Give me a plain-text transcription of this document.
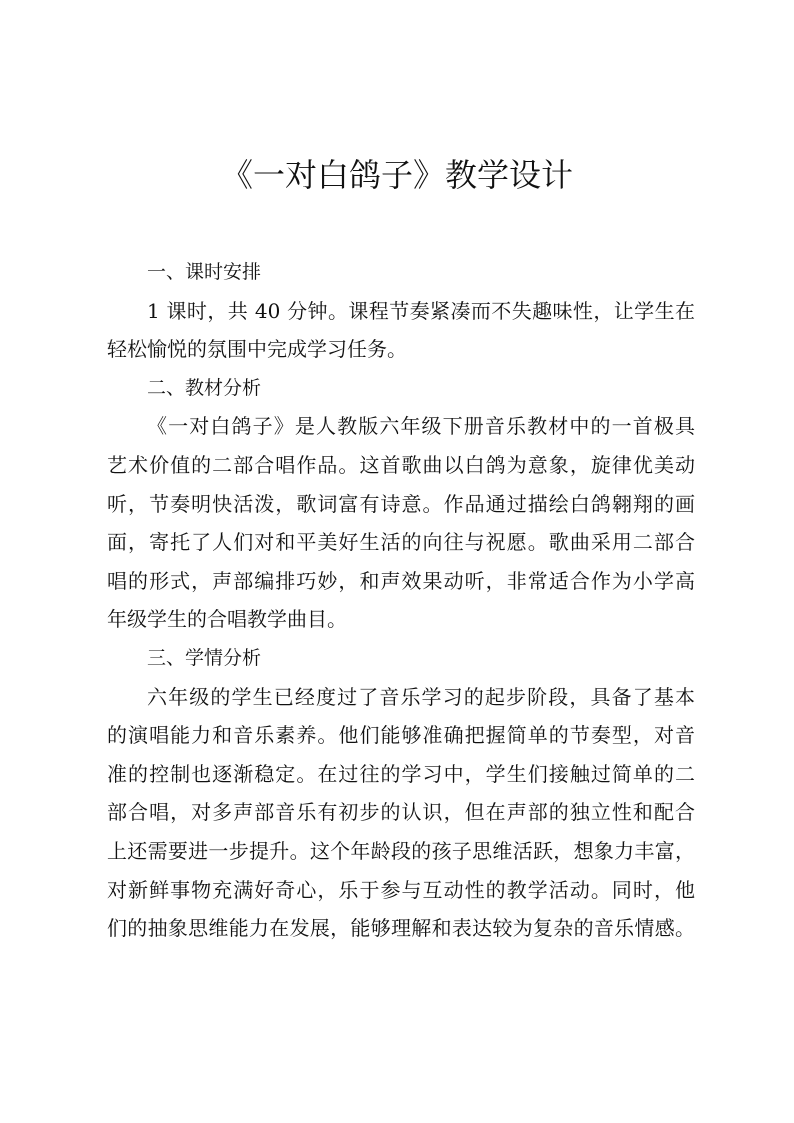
《一对白鸽子》教学设计
一、课时安排
1 课时，共 40 分钟。课程节奏紧凑而不失趣味性，让学生在
轻松愉悦的氛围中完成学习任务。
二、教材分析
《一对白鸽子》是人教版六年级下册音乐教材中的一首极具
艺术价值的二部合唱作品。这首歌曲以白鸽为意象，旋律优美动
听，节奏明快活泼，歌词富有诗意。作品通过描绘白鸽翱翔的画
面，寄托了人们对和平美好生活的向往与祝愿。歌曲采用二部合
唱的形式，声部编排巧妙，和声效果动听，非常适合作为小学高
年级学生的合唱教学曲目。
三、学情分析
六年级的学生已经度过了音乐学习的起步阶段，具备了基本
的演唱能力和音乐素养。他们能够准确把握简单的节奏型，对音
准的控制也逐渐稳定。在过往的学习中，学生们接触过简单的二
部合唱，对多声部音乐有初步的认识，但在声部的独立性和配合
上还需要进一步提升。这个年龄段的孩子思维活跃，想象力丰富，
对新鲜事物充满好奇心，乐于参与互动性的教学活动。同时，他
们的抽象思维能力在发展，能够理解和表达较为复杂的音乐情感。
